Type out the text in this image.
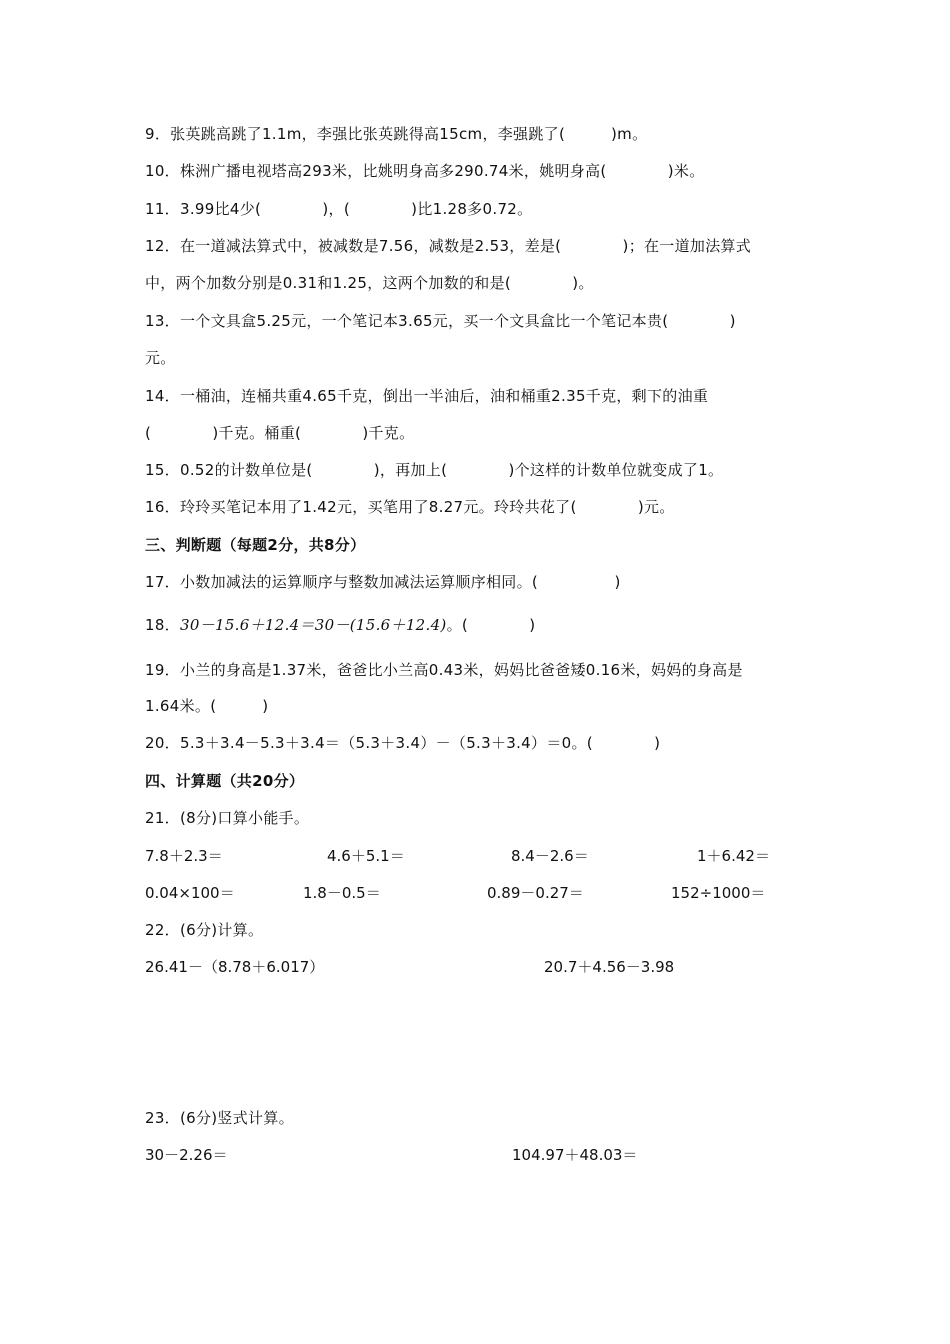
9．张英跳高跳了1.1m，李强比张英跳得高15cm，李强跳了(　　　)m。
10．株洲广播电视塔高293米，比姚明身高多290.74米，姚明身高(　　　　)米。
11．3.99比4少(　　　　)，(　　　　)比1.28多0.72。
12．在一道减法算式中，被减数是7.56，减数是2.53，差是(　　　　)；在一道加法算式
中，两个加数分别是0.31和1.25，这两个加数的和是(　　　　)。
13．一个文具盒5.25元，一个笔记本3.65元，买一个文具盒比一个笔记本贵(　　　　)
元。
14．一桶油，连桶共重4.65千克，倒出一半油后，油和桶重2.35千克，剩下的油重
(　　　　)千克。桶重(　　　　)千克。
15．0.52的计数单位是(　　　　)，再加上(　　　　)个这样的计数单位就变成了1。
16．玲玲买笔记本用了1.42元，买笔用了8.27元。玲玲共花了(　　　　)元。
三、判断题（每题2分，共8分）
17．小数加减法的运算顺序与整数加减法运算顺序相同。(　　　　　)
18．30－15.6＋12.4＝30－(15.6＋12.4)。(　　　　)
19．小兰的身高是1.37米，爸爸比小兰高0.43米，妈妈比爸爸矮0.16米，妈妈的身高是
1.64米。(　　　)
20．5.3＋3.4－5.3＋3.4＝（5.3＋3.4）－（5.3＋3.4）＝0。(　　　　)
四、计算题（共20分）
21．(8分)口算小能手。
7.8＋2.3＝	4.6＋5.1＝	8.4－2.6＝	1＋6.42＝
0.04×100＝	1.8－0.5＝	0.89－0.27＝	152÷1000＝
22．(6分)计算。
26.41－（8.78＋6.017）	20.7＋4.56－3.98
23．(6分)竖式计算。
30－2.26＝	104.97＋48.03＝
